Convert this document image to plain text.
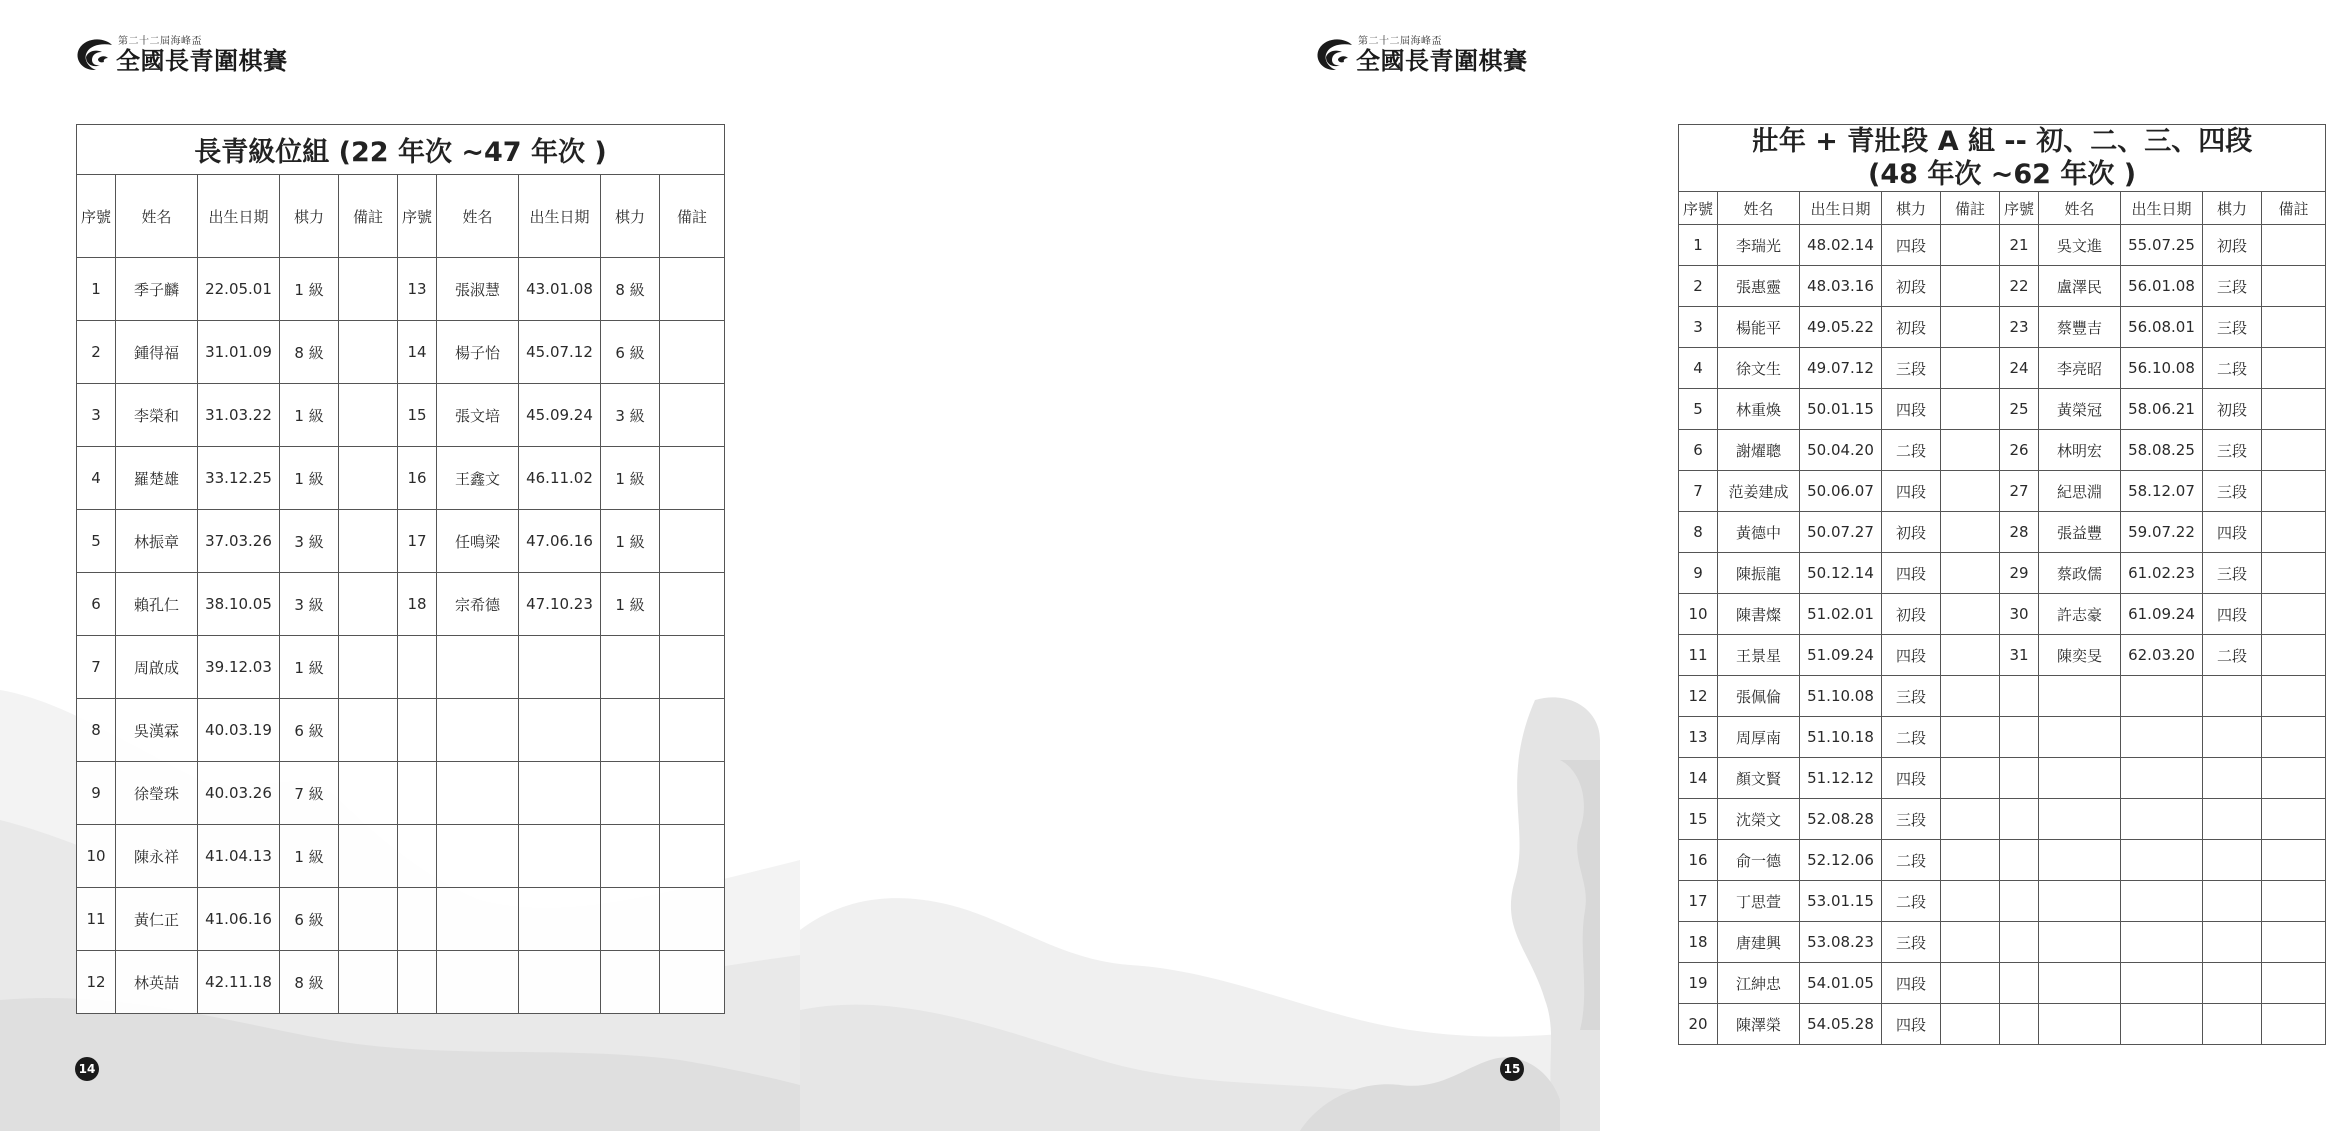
第二十二屆海峰盃
全國長青圍棋賽
長青級位組 (22 年次 ~47 年次 )									
序號	姓名	出生日期	棋力	備註	序號	姓名	出生日期	棋力	備註
1	季子麟	22.05.01	1 級		13	張淑慧	43.01.08	8 級	
2	鍾得福	31.01.09	8 級		14	楊子怡	45.07.12	6 級	
3	李榮和	31.03.22	1 級		15	張文培	45.09.24	3 級	
4	羅楚雄	33.12.25	1 級		16	王鑫文	46.11.02	1 級	
5	林振章	37.03.26	3 級		17	任鳴梁	47.06.16	1 級	
6	賴孔仁	38.10.05	3 級		18	宗希德	47.10.23	1 級	
7	周啟成	39.12.03	1 級						
8	吳漢霖	40.03.19	6 級						
9	徐瑩珠	40.03.26	7 級						
10	陳永祥	41.04.13	1 級						
11	黃仁正	41.06.16	6 級						
12	林英喆	42.11.18	8 級						
14
第二十二屆海峰盃
全國長青圍棋賽
壯年 + 青壯段 A 組 -- 初、二、三、四段
(48 年次 ~62 年次 )									

序號	姓名	出生日期	棋力	備註	序號	姓名	出生日期	棋力	備註
1	李瑞光	48.02.14	四段		21	吳文進	55.07.25	初段	
2	張惠靈	48.03.16	初段		22	盧澤民	56.01.08	三段	
3	楊能平	49.05.22	初段		23	蔡豐吉	56.08.01	三段	
4	徐文生	49.07.12	三段		24	李亮昭	56.10.08	二段	
5	林重煥	50.01.15	四段		25	黃榮冠	58.06.21	初段	
6	謝燿聰	50.04.20	二段		26	林明宏	58.08.25	三段	
7	范姜建成	50.06.07	四段		27	紀思淵	58.12.07	三段	
8	黃德中	50.07.27	初段		28	張益豐	59.07.22	四段	
9	陳振龍	50.12.14	四段		29	蔡政儒	61.02.23	三段	
10	陳書燦	51.02.01	初段		30	許志豪	61.09.24	四段	
11	王景星	51.09.24	四段		31	陳奕旻	62.03.20	二段	
12	張佩倫	51.10.08	三段						
13	周厚南	51.10.18	二段						
14	顏文賢	51.12.12	四段						
15	沈榮文	52.08.28	三段						
16	俞一德	52.12.06	二段						
17	丁思萱	53.01.15	二段						
18	唐建興	53.08.23	三段						
19	江紳忠	54.01.05	四段						
20	陳澤榮	54.05.28	四段						
15
